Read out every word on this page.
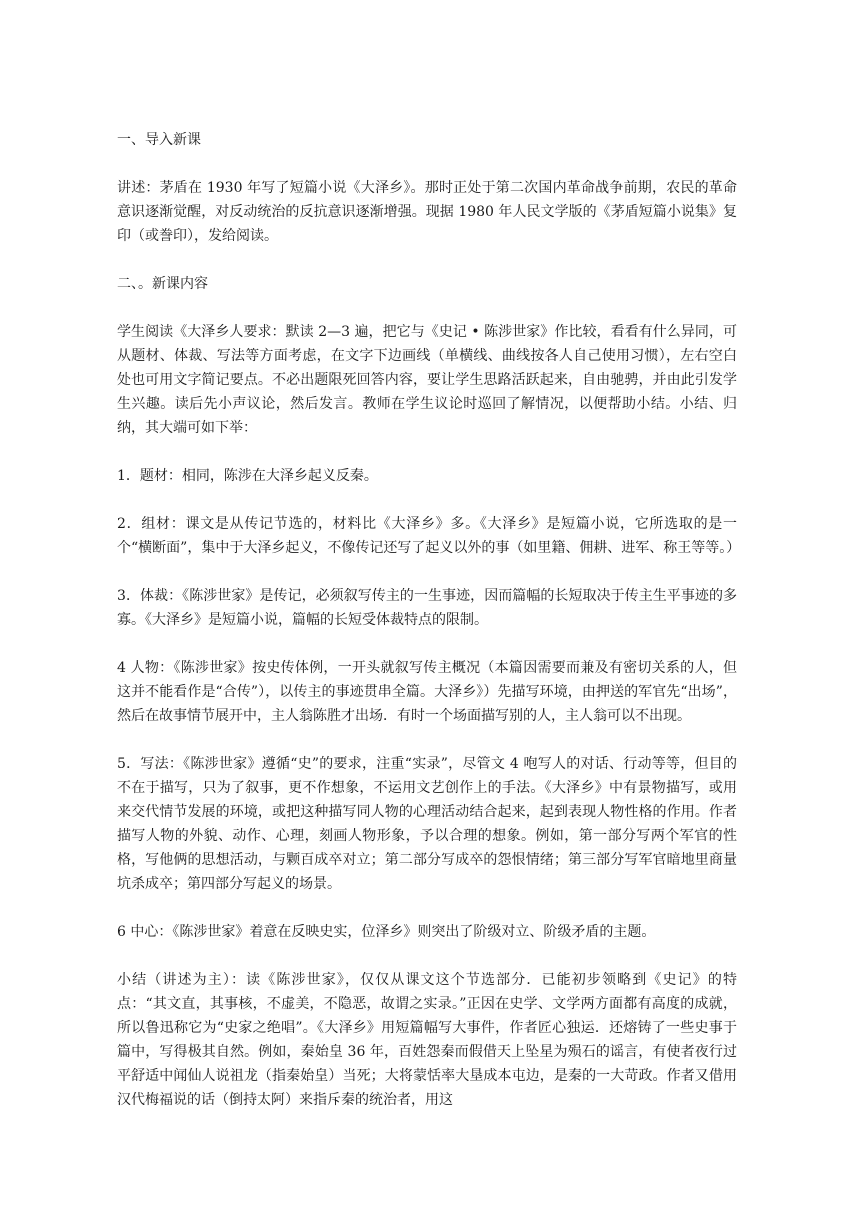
一、导入新课

讲述：茅盾在 1930 年写了短篇小说《大泽乡》。那时正处于第二次国内革命战争前期，农民的革命意识逐渐觉醒，对反动统治的反抗意识逐渐增强。现据 1980 年人民文学版的《茅盾短篇小说集》复印（或誊印），发给阅读。

二、。新课内容

学生阅读《大泽乡人要求：默读 2—3 遍，把它与《史记 • 陈涉世家》作比较，看看有什么异同，可从题材、体裁、写法等方面考虑，在文字下边画线（单横线、曲线按各人自己使用习惯），左右空白处也可用文字简记要点。不必出题限死回答内容，要让学生思路活跃起来，自由驰骋，并由此引发学生兴趣。读后先小声议论，然后发言。教师在学生议论时巡回了解情况，以便帮助小结。小结、归纳，其大端可如下举：

1．题材：相同，陈涉在大泽乡起义反秦。

2．组材：课文是从传记节选的，材料比《大泽乡》多。《大泽乡》是短篇小说，它所选取的是一个“横断面”，集中于大泽乡起义，不像传记还写了起义以外的事（如里籍、佣耕、进军、称王等等。）

3．体裁：《陈涉世家》是传记，必须叙写传主的一生事迹，因而篇幅的长短取决于传主生平事迹的多寡。《大泽乡》是短篇小说，篇幅的长短受体裁特点的限制。

4 人物：《陈涉世家》按史传体例，一开头就叙写传主概况（本篇因需要而兼及有密切关系的人，但这并不能看作是“合传”），以传主的事迹贯串全篇。大泽乡》）先描写环境，由押送的军官先“出场”，然后在故事情节展开中，主人翁陈胜才出场．有时一个场面描写别的人，主人翁可以不出现。

5．写法：《陈涉世家》遵循“史”的要求，注重“实录”，尽管文 4 咆写人的对话、行动等等，但目的不在于描写，只为了叙事，更不作想象，不运用文艺创作上的手法。《大泽乡》中有景物描写，或用来交代情节发展的环境，或把这种描写同人物的心理活动结合起来，起到表现人物性格的作用。作者描写人物的外貌、动作、心理，刻画人物形象，予以合理的想象。例如，第一部分写两个军官的性格，写他俩的思想活动，与颗百成卒对立；第二部分写成卒的怨恨情绪；第三部分写军官暗地里商量坑杀成卒；第四部分写起义的场景。

6 中心：《陈涉世家》着意在反映史实，位泽乡》则突出了阶级对立、阶级矛盾的主题。

小结（讲述为主）：读《陈涉世家》，仅仅从课文这个节选部分．已能初步领略到《史记》的特点：“其文直，其事核，不虚美，不隐恶，故谓之实录。”正因在史学、文学两方面都有高度的成就，所以鲁迅称它为“史家之绝唱”。《大泽乡》用短篇幅写大事件，作者匠心独运．还熔铸了一些史事于篇中，写得极其自然。例如，秦始皇 36 年，百姓怨秦而假借天上坠星为殒石的谣言，有使者夜行过平舒适中闻仙人说祖龙（指秦始皇）当死；大将蒙恬率大垦成本屯边，是秦的一大苛政。作者又借用汉代梅福说的话（倒持太阿）来指斥秦的统治者，用这
